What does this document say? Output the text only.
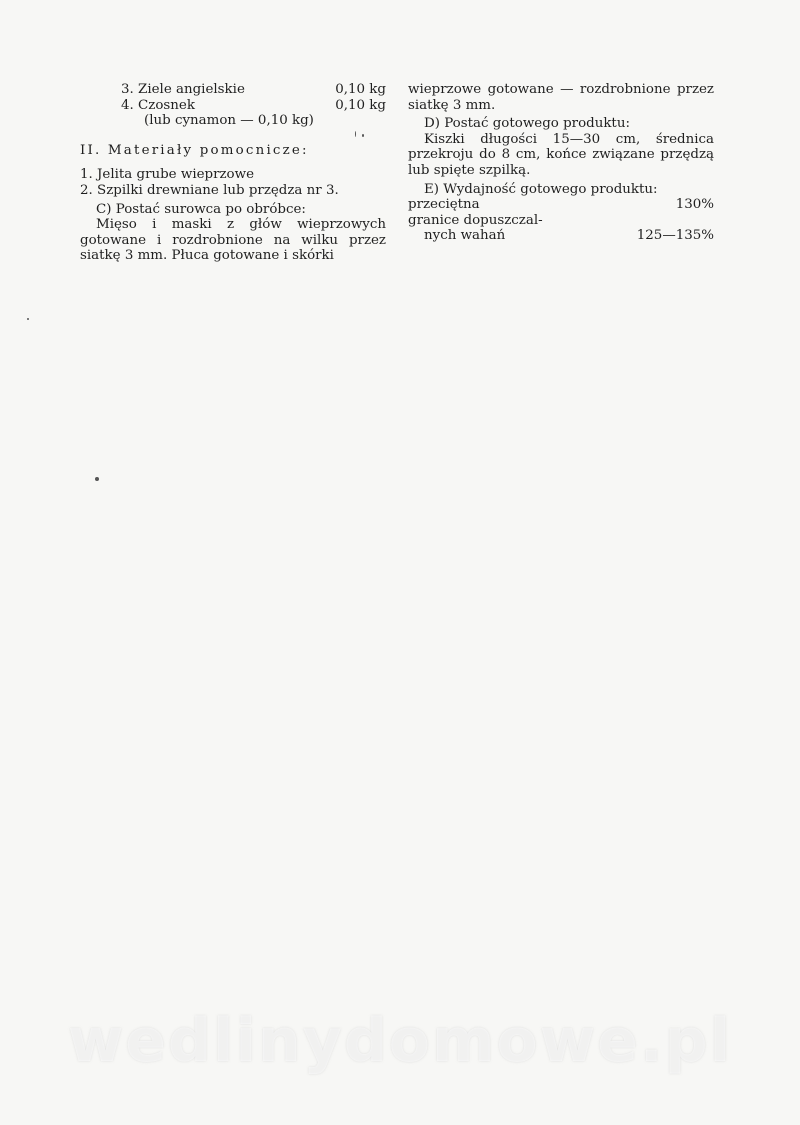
3. Ziele angielskie	0,10 kg
4. Czosnek	0,10 kg
(lub cynamon — 0,10 kg)
II. Materiały pomocnicze:
1. Jelita grube wieprzowe
2. Szpilki drewniane lub przędza nr 3.
C) Postać surowca po obróbce:
Mięso i maski z głów wieprzowych gotowane i rozdrobnione na wilku przez siatkę 3 mm. Płuca gotowane i skórki
wieprzowe gotowane — rozdrobnione przez siatkę 3 mm.
D) Postać gotowego produktu:
Kiszki długości 15—30 cm, średnica przekroju do 8 cm, końce związane przędzą lub spięte szpilką.
E) Wydajność gotowego produktu:
przeciętna	130%
granice dopuszczal-
nych wahań	125—135%
wedlinydomowe.pl
